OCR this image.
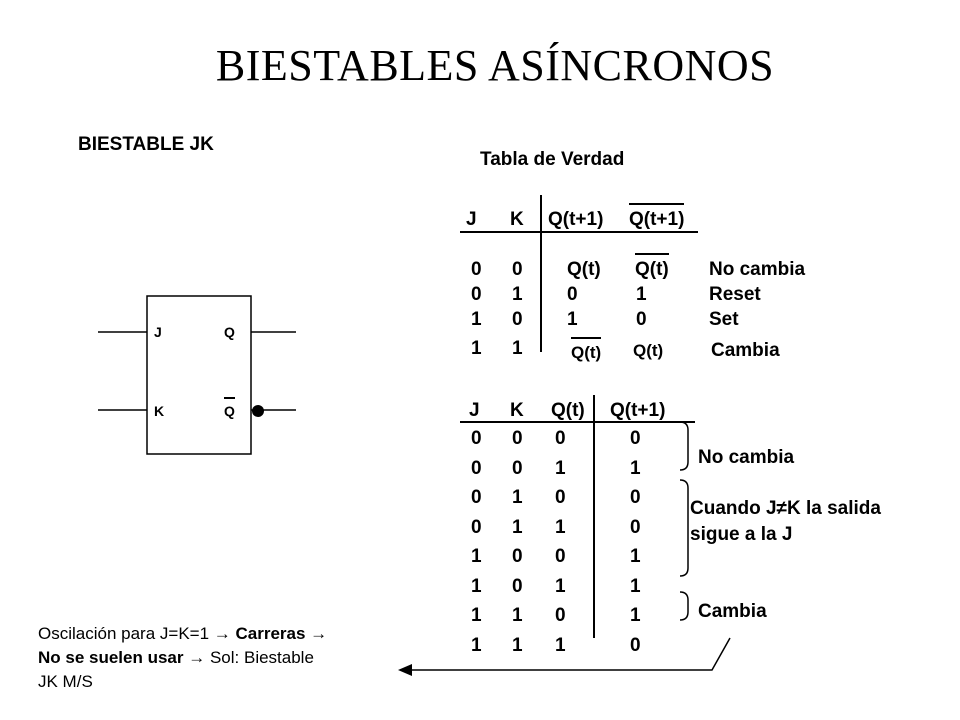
BIESTABLES ASÍNCRONOS
BIESTABLE JK
J
K
Q
Q
Tabla de Verdad
J K Q(t+1) Q(t+1)
0 0 Q(t) Q(t) No cambia
0 1 0	1	Reset
1 0 1	0	Set
1 1	Q(t) Q(t)	Cambia
J K Q(t) Q(t+1)
0 0 0	0
0 0 1	1
0 1 0	0
0 1 1	0
1 0 0	1
1 0 1	1
1 1 0	1
1 1 1	0
No cambia
Cuando J≠K la salida
sigue a la J
Cambia
Oscilación para J=K=1 → Carreras →
No se suelen usar → Sol: Biestable
JK M/S
